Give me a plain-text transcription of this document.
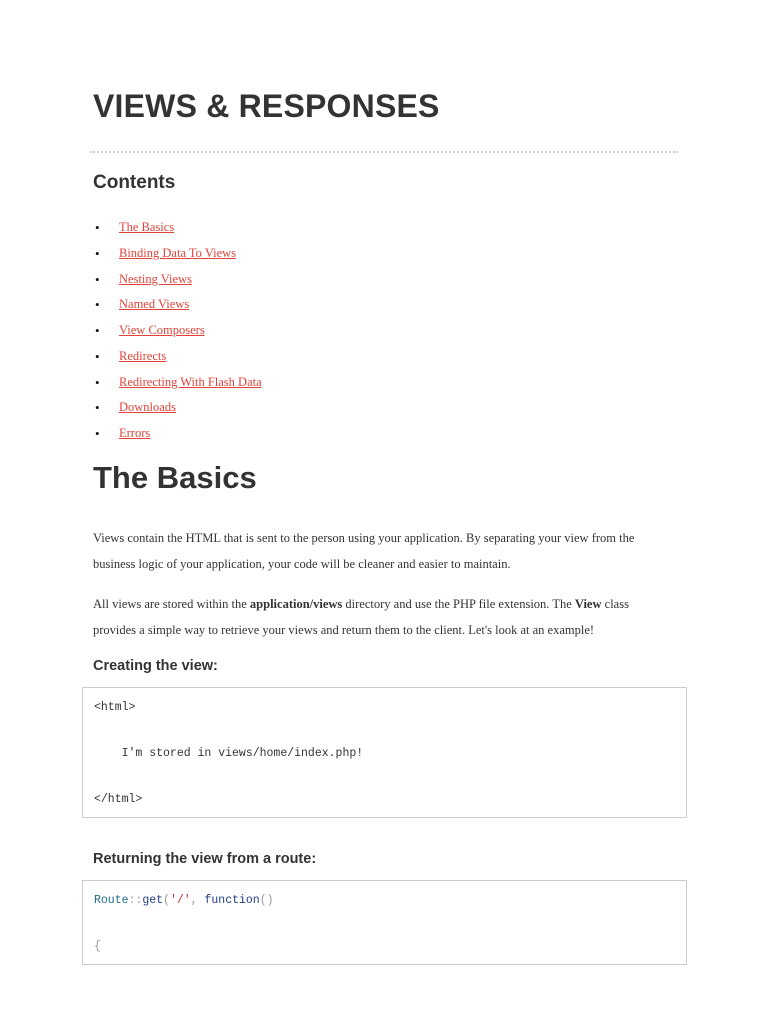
VIEWS & RESPONSES
Contents
• The Basics
• Binding Data To Views
• Nesting Views
• Named Views
• View Composers
• Redirects
• Redirecting With Flash Data
• Downloads
• Errors
The Basics

Views contain the HTML that is sent to the person using your application. By separating your view from the business logic of your application, your code will be cleaner and easier to maintain.

All views are stored within the application/views directory and use the PHP file extension. The View class provides a simple way to retrieve your views and return them to the client. Let's look at an example!

Creating the view:
<html>
I'm stored in views/home/index.php!
</html>
Returning the view from a route:
Route::get('/', function()
{
